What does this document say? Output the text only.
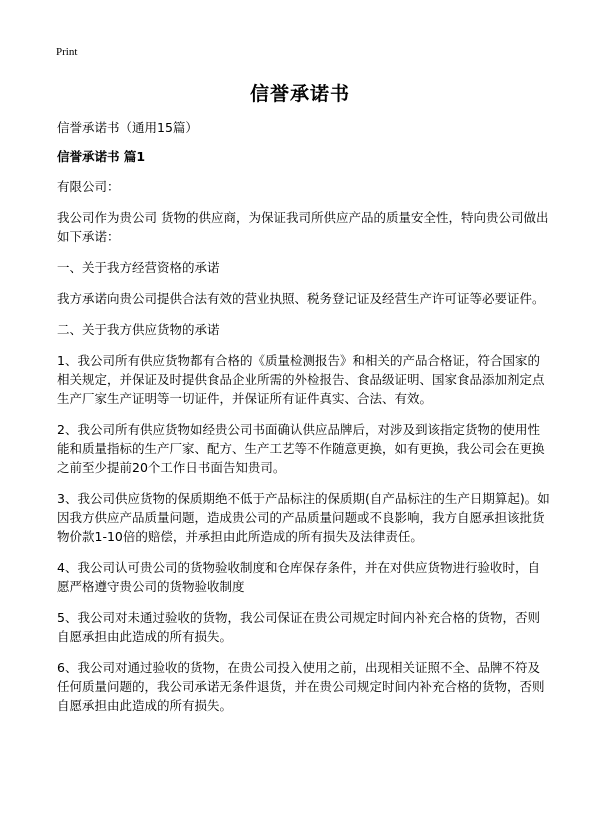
Print
信誉承诺书

信誉承诺书（通用15篇）

信誉承诺书 篇1

有限公司：

我公司作为贵公司 货物的供应商，为保证我司所供应产品的质量安全性，特向贵公司做出如下承诺：

一、关于我方经营资格的承诺

我方承诺向贵公司提供合法有效的营业执照、税务登记证及经营生产许可证等必要证件。

二、关于我方供应货物的承诺

1、我公司所有供应货物都有合格的《质量检测报告》和相关的产品合格证，符合国家的相关规定，并保证及时提供食品企业所需的外检报告、食品级证明、国家食品添加剂定点生产厂家生产证明等一切证件，并保证所有证件真实、合法、有效。

2、我公司所有供应货物如经贵公司书面确认供应品牌后，对涉及到该指定货物的使用性能和质量指标的生产厂家、配方、生产工艺等不作随意更换，如有更换，我公司会在更换之前至少提前20个工作日书面告知贵司。

3、我公司供应货物的保质期绝不低于产品标注的保质期(自产品标注的生产日期算起)。如因我方供应产品质量问题，造成贵公司的产品质量问题或不良影响，我方自愿承担该批货物价款1-10倍的赔偿，并承担由此所造成的所有损失及法律责任。

4、我公司认可贵公司的货物验收制度和仓库保存条件，并在对供应货物进行验收时，自愿严格遵守贵公司的货物验收制度

5、我公司对未通过验收的货物，我公司保证在贵公司规定时间内补充合格的货物，否则自愿承担由此造成的所有损失。

6、我公司对通过验收的货物，在贵公司投入使用之前，出现相关证照不全、品牌不符及任何质量问题的，我公司承诺无条件退货，并在贵公司规定时间内补充合格的货物，否则自愿承担由此造成的所有损失。
